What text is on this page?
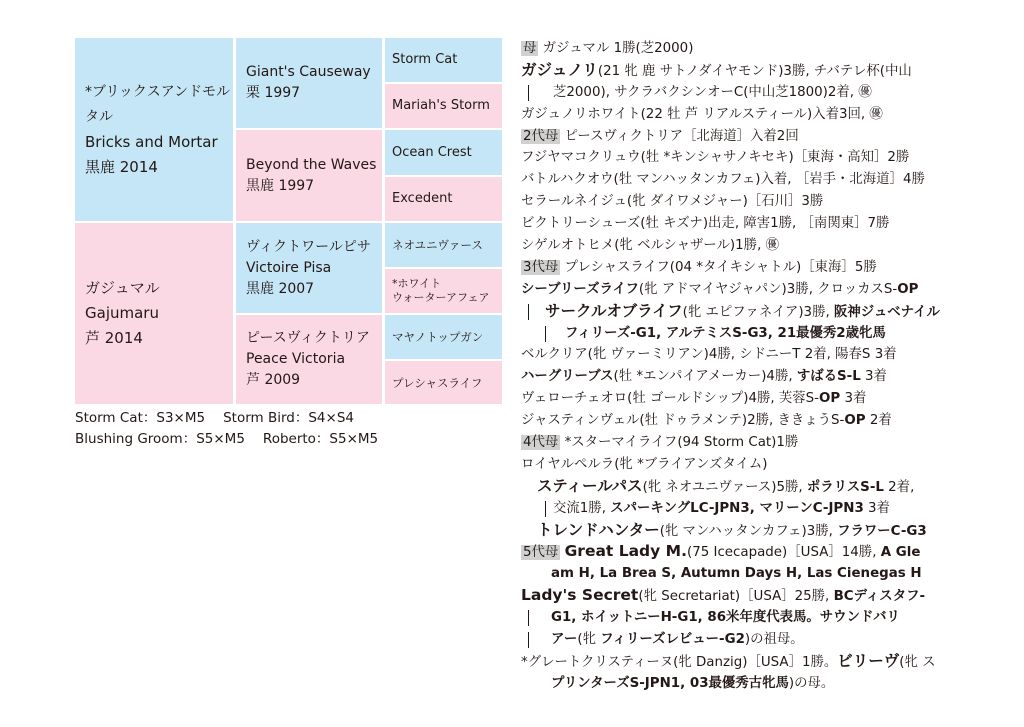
*ブリックスアンドモルタル
Bricks and Mortar
黒鹿 2014
ガジュマル
Gajumaru
芦 2014
Giant's Causeway
栗 1997
Beyond the Waves
黒鹿 1997
ヴィクトワールピサ
Victoire Pisa
黒鹿 2007
ピースヴィクトリア
Peace Victoria
芦 2009
Storm Cat
Mariah's Storm
Ocean Crest
Excedent
ネオユニヴァース
*ホワイト
ウォーターアフェア
マヤノトップガン
プレシャスライフ
Storm Cat：S3×M5 Storm Bird：S4×S4
Blushing Groom：S5×M5 Roberto：S5×M5
母 ガジュマル 1勝(芝2000)
ガジュノリ(21 牝 鹿 サトノダイヤモンド)3勝, チバテレ杯(中山
芝2000), サクラバクシンオーC(中山芝1800)2着, ㊝
ガジュノリホワイト(22 牡 芦 リアルスティール)入着3回, ㊝
2代母 ピースヴィクトリア［北海道］入着2回
フジヤマコクリュウ(牡 *キンシャサノキセキ)［東海・高知］2勝
バトルハクオウ(牡 マンハッタンカフェ)入着, ［岩手・北海道］4勝
セラールネイジュ(牝 ダイワメジャー)［石川］3勝
ビクトリーシューズ(牡 キズナ)出走, 障害1勝, ［南関東］7勝
シゲルオトヒメ(牝 ベルシャザール)1勝, ㊝
3代母 プレシャスライフ(04 *タイキシャトル)［東海］5勝
シーブリーズライフ(牝 アドマイヤジャパン)3勝, クロッカスS-OP
サークルオブライフ(牝 エピファネイア)3勝, 阪神ジュベナイル
フィリーズ-G1, アルテミスS-G3, 21最優秀2歳牝馬
ベルクリア(牝 ヴァーミリアン)4勝, シドニーT 2着, 陽春S 3着
ハーグリーブス(牡 *エンパイアメーカー)4勝, すばるS-L 3着
ヴェローチェオロ(牡 ゴールドシップ)4勝, 芙蓉S-OP 3着
ジャスティンヴェル(牡 ドゥラメンテ)2勝, ききょうS-OP 2着
4代母 *スターマイライフ(94 Storm Cat)1勝
ロイヤルペルラ(牝 *ブライアンズタイム)
スティールパス(牝 ネオユニヴァース)5勝, ポラリスS-L 2着,
交流1勝, スパーキングLC-JPN3, マリーンC-JPN3 3着
トレンドハンター(牝 マンハッタンカフェ)3勝, フラワーC-G3
5代母 Great Lady M.(75 Icecapade)［USA］14勝, A Gle
am H, La Brea S, Autumn Days H, Las Cienegas H
Lady's Secret(牝 Secretariat)［USA］25勝, BCディスタフ-
G1, ホイットニーH-G1, 86米年度代表馬。サウンドバリ
アー(牝 フィリーズレビュー-G2)の祖母。
*グレートクリスティーヌ(牝 Danzig)［USA］1勝。ビリーヴ(牝 ス
プリンターズS-JPN1, 03最優秀古牝馬)の母。
